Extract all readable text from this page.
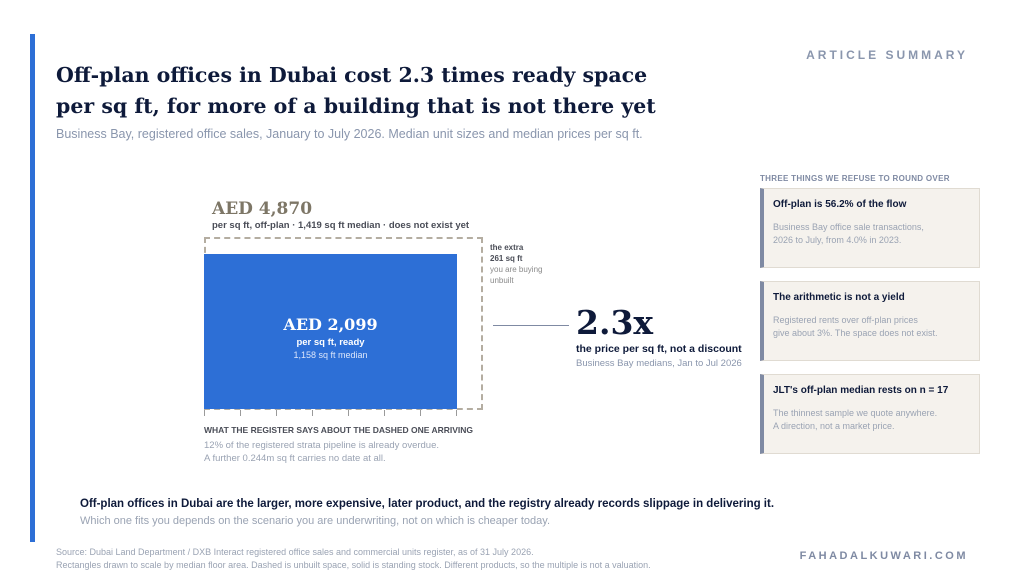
ARTICLE SUMMARY
Off-plan offices in Dubai cost 2.3 times ready space per sq ft, for more of a building that is not there yet
Business Bay, registered office sales, January to July 2026. Median unit sizes and median prices per sq ft.
AED 4,870
per sq ft, off-plan · 1,419 sq ft median · does not exist yet
AED 2,099
per sq ft, ready
1,158 sq ft median
the extra
261 sq ft
you are buying
unbuilt
WHAT THE REGISTER SAYS ABOUT THE DASHED ONE ARRIVING
12% of the registered strata pipeline is already overdue.
A further 0.244m sq ft carries no date at all.
2.3x
the price per sq ft, not a discount
Business Bay medians, Jan to Jul 2026
THREE THINGS WE REFUSE TO ROUND OVER
Off-plan is 56.2% of the flow
Business Bay office sale transactions,
2026 to July, from 4.0% in 2023.
The arithmetic is not a yield
Registered rents over off-plan prices
give about 3%. The space does not exist.
JLT's off-plan median rests on n = 17
The thinnest sample we quote anywhere.
A direction, not a market price.
Off-plan offices in Dubai are the larger, more expensive, later product, and the registry already records slippage in delivering it.
Which one fits you depends on the scenario you are underwriting, not on which is cheaper today.
Source: Dubai Land Department / DXB Interact registered office sales and commercial units register, as of 31 July 2026.
Rectangles drawn to scale by median floor area. Dashed is unbuilt space, solid is standing stock. Different products, so the multiple is not a valuation.
FAHADALKUWARI.COM
